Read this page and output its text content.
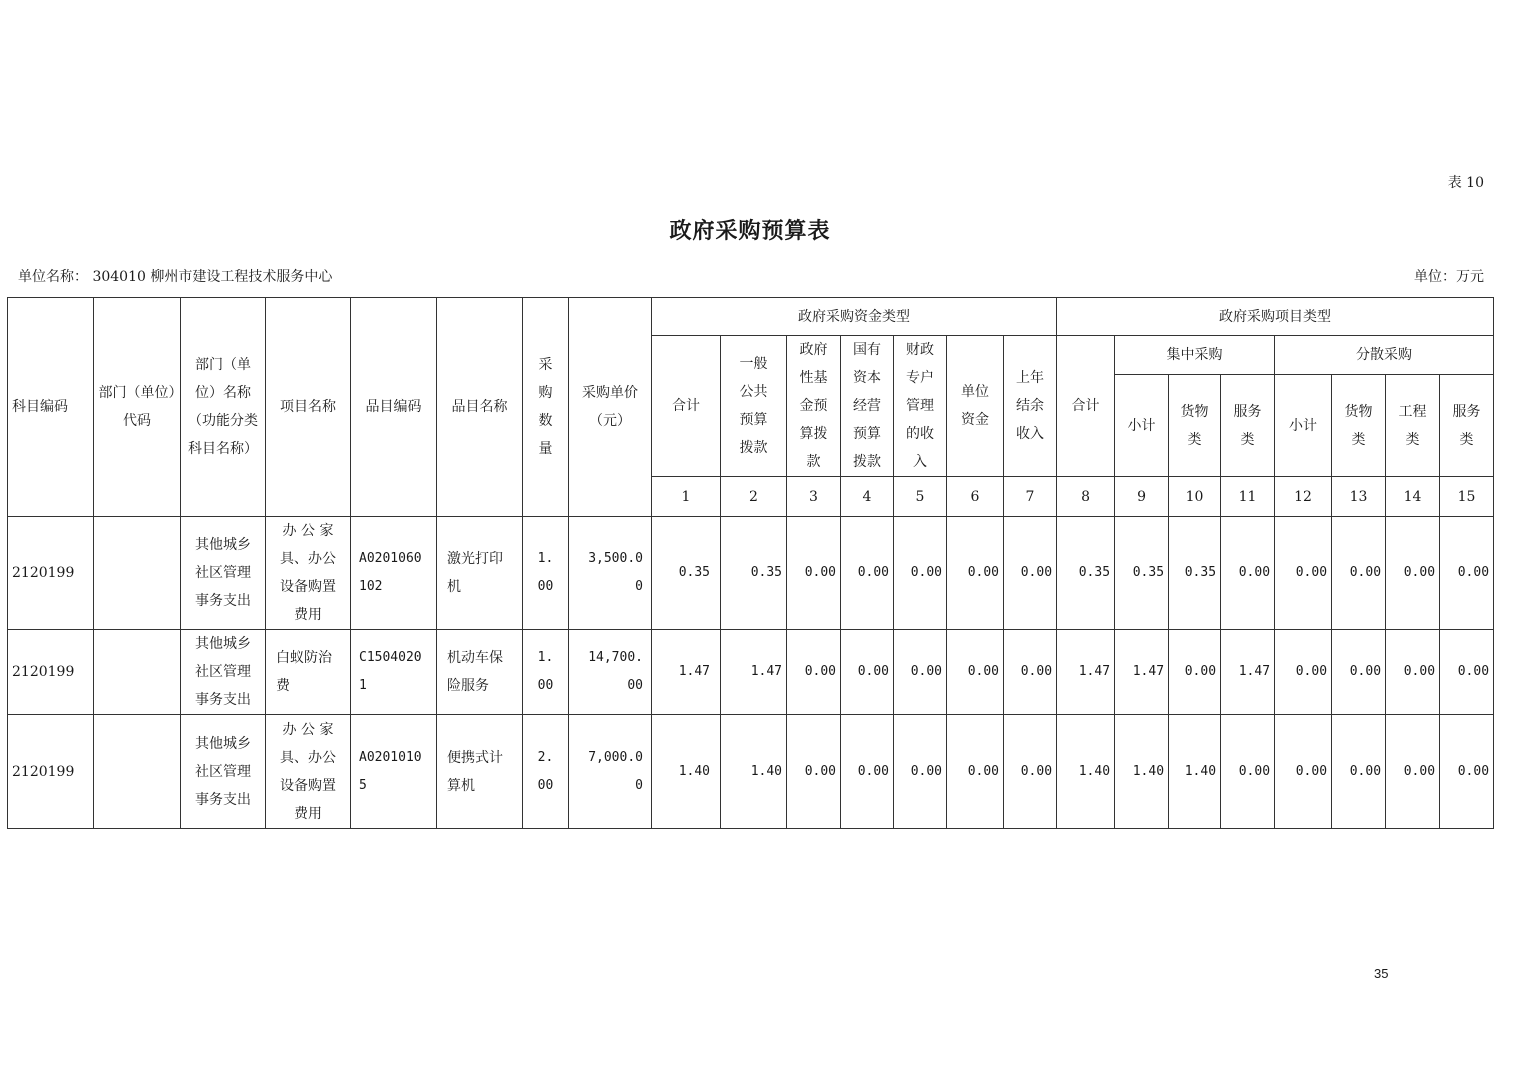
表 10
政府采购预算表
单位名称： 304010 柳州市建设工程技术服务中心	单位：万元
科目编码	部门（单位）代码	部门（单位）名称（功能分类科目名称）	项目名称	品目编码	品目名称	采购数量	采购单价（元）	政府采购资金类型							政府采购项目类型							
								合计	一般公共预算拨款	政府性基金预算拨款	国有资本经营预算拨款	财政专户管理的收入	单位资金	上年结余收入	合计	集中采购			分散采购			
																小计	货物类	服务类	小计	货物类	工程类	服务类
								1	2	3	4	5	6	7	8	9	10	11	12	13	14	15
2120199		其他城乡社区管理事务支出	办 公 家具、办公设备购置费用	A0201060102	激光打印机	1.00	3,500.00	0.35	0.35	0.00	0.00	0.00	0.00	0.00	0.35	0.35	0.35	0.00	0.00	0.00	0.00	0.00
2120199		其他城乡社区管理事务支出	白蚁防治费	C15040201	机动车保险服务	1.00	14,700.00	1.47	1.47	0.00	0.00	0.00	0.00	0.00	1.47	1.47	0.00	1.47	0.00	0.00	0.00	0.00
2120199		其他城乡社区管理事务支出	办 公 家具、办公设备购置费用	A02010105	便携式计算机	2.00	7,000.00	1.40	1.40	0.00	0.00	0.00	0.00	0.00	1.40	1.40	1.40	0.00	0.00	0.00	0.00	0.00
35
